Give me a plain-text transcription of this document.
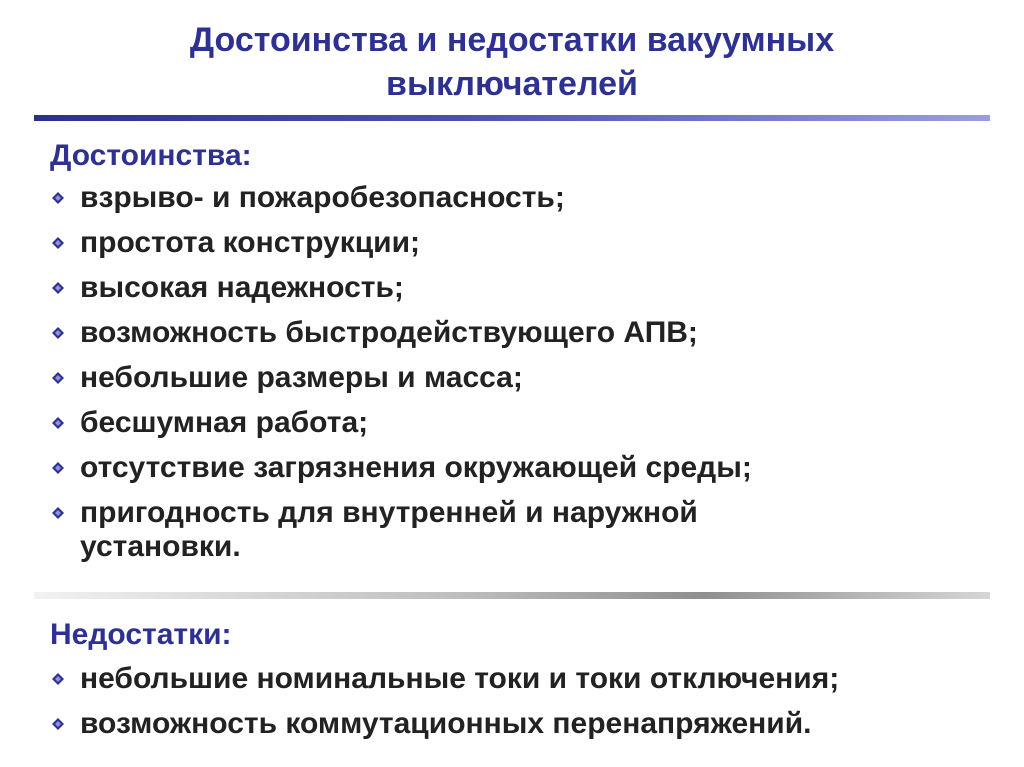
Достоинства и недостатки вакуумных
выключателей
Достоинства:
взрыво- и пожаробезопасность;
простота конструкции;
высокая надежность;
возможность быстродействующего АПВ;
небольшие размеры и масса;
бесшумная работа;
отсутствие загрязнения окружающей среды;
пригодность для внутренней и наружной установки.
Недостатки:
небольшие номинальные токи и токи отключения;
возможность коммутационных перенапряжений.
